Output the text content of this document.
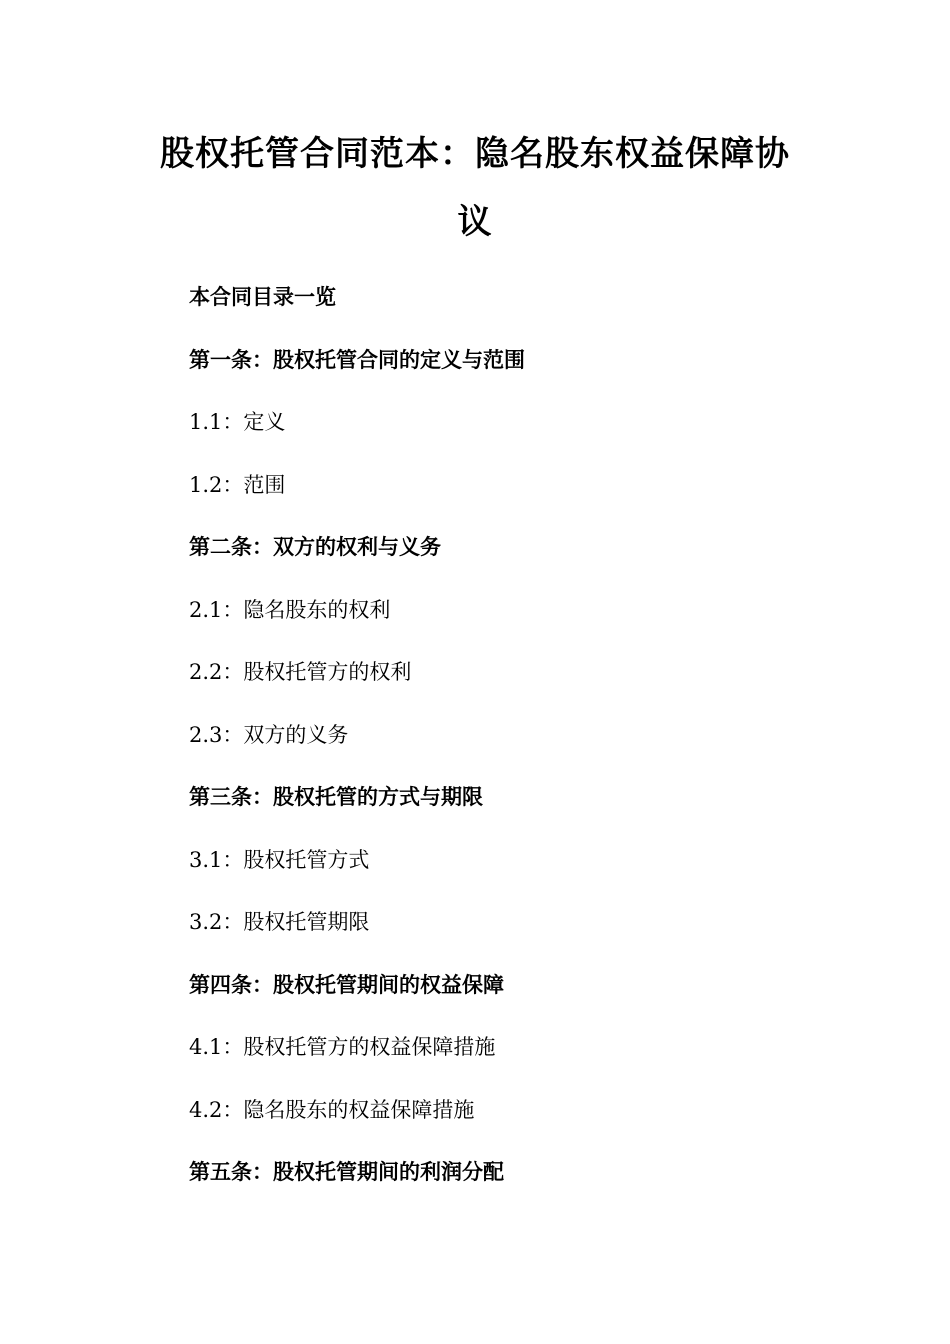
股权托管合同范本：隐名股东权益保障协议
本合同目录一览
第一条：股权托管合同的定义与范围
1.1：定义
1.2：范围
第二条：双方的权利与义务
2.1：隐名股东的权利
2.2：股权托管方的权利
2.3：双方的义务
第三条：股权托管的方式与期限
3.1：股权托管方式
3.2：股权托管期限
第四条：股权托管期间的权益保障
4.1：股权托管方的权益保障措施
4.2：隐名股东的权益保障措施
第五条：股权托管期间的利润分配
